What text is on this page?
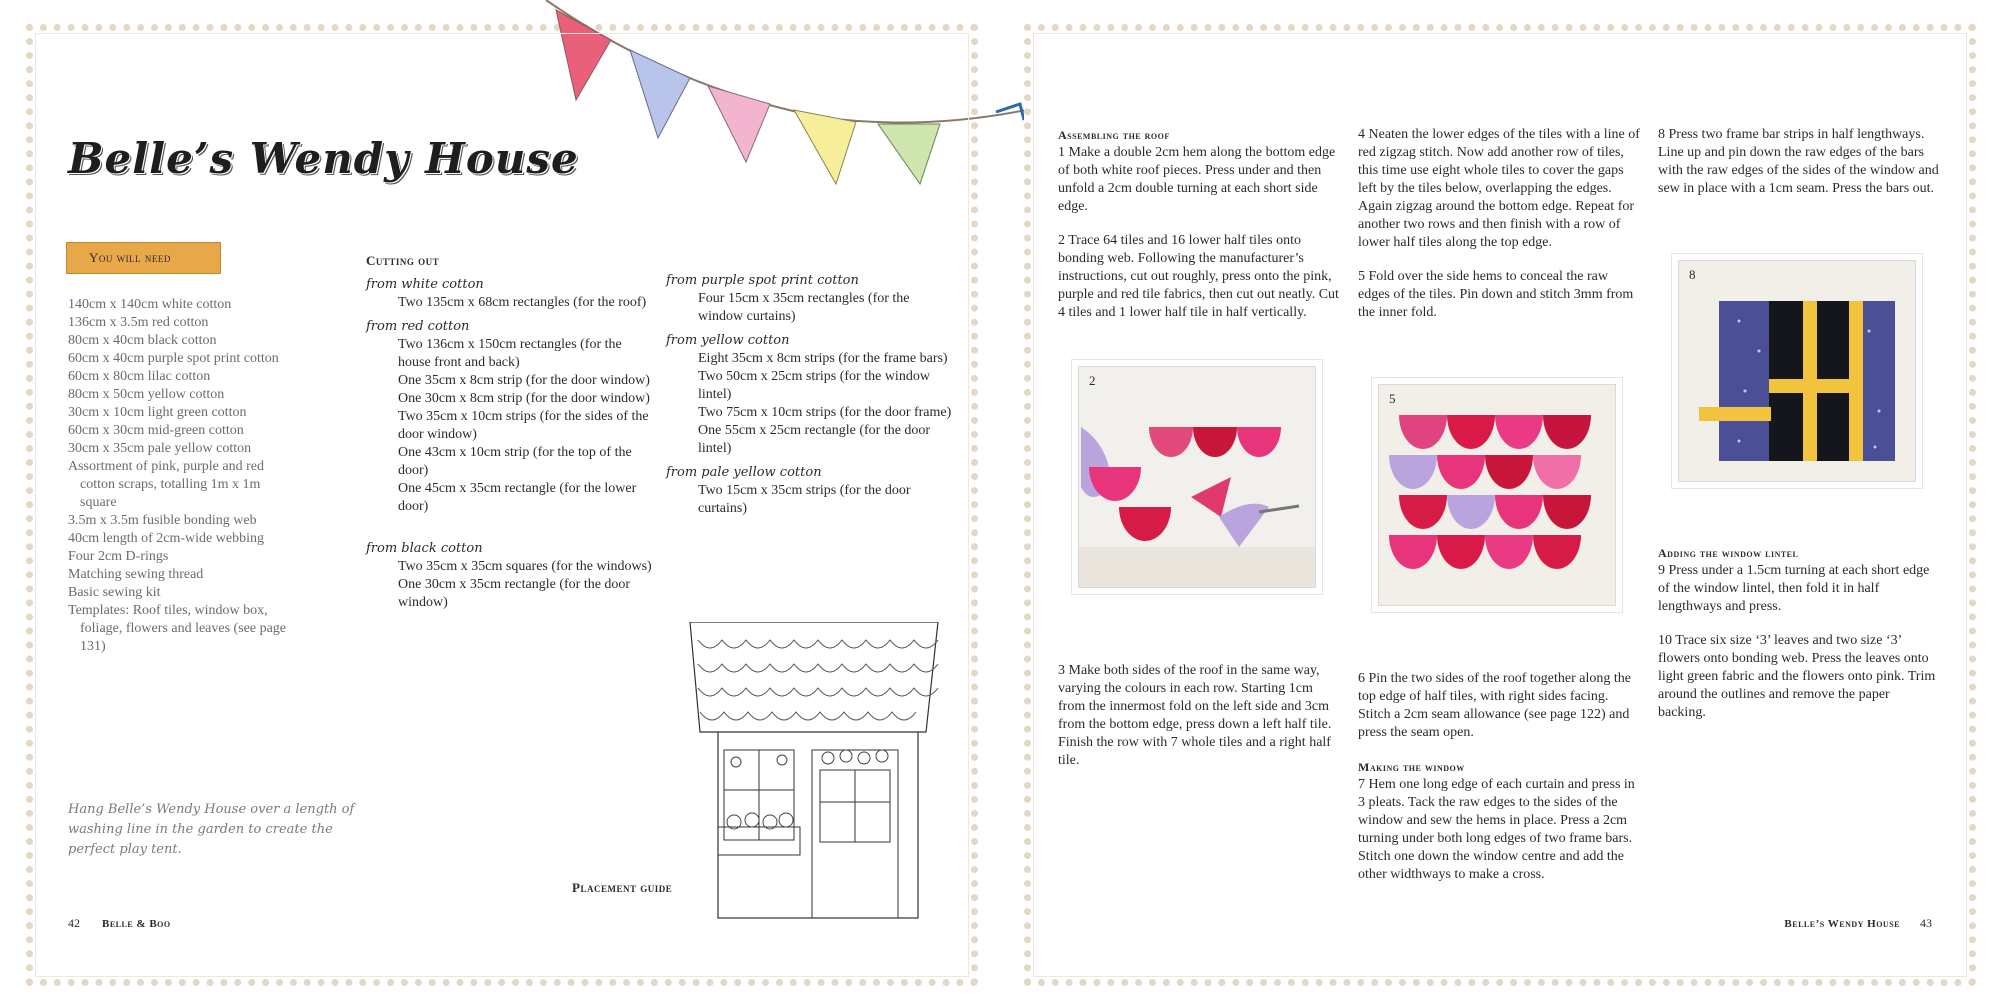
Belle’s Wendy House
You will need
140cm x 140cm white cotton
136cm x 3.5m red cotton
80cm x 40cm black cotton
60cm x 40cm purple spot print cotton
60cm x 80cm lilac cotton
80cm x 50cm yellow cotton
30cm x 10cm light green cotton
60cm x 30cm mid-green cotton
30cm x 35cm pale yellow cotton
Assortment of pink, purple and red cotton scraps, totalling 1m x 1m square
3.5m x 3.5m fusible bonding web
40cm length of 2cm-wide webbing
Four 2cm D-rings
Matching sewing thread
Basic sewing kit
Templates: Roof tiles, window box, foliage, flowers and leaves (see page 131)
Cutting out
from white cotton
Two 135cm x 68cm rectangles (for the roof)
from red cotton
Two 136cm x 150cm rectangles (for the house front and back)
One 35cm x 8cm strip (for the door window)
One 30cm x 8cm strip (for the door window)
Two 35cm x 10cm strips (for the sides of the door window)
One 43cm x 10cm strip (for the top of the door)
One 45cm x 35cm rectangle (for the lower door)
from black cotton
Two 35cm x 35cm squares (for the windows)
One 30cm x 35cm rectangle (for the door window)
from purple spot print cotton
Four 15cm x 35cm rectangles (for the window curtains)
from yellow cotton
Eight 35cm x 8cm strips (for the frame bars)
Two 50cm x 25cm strips (for the window lintel)
Two 75cm x 10cm strips (for the door frame)
One 55cm x 25cm rectangle (for the door lintel)
from pale yellow cotton
Two 15cm x 35cm strips (for the door curtains)
Placement guide
Hang Belle’s Wendy House over a length of washing line in the garden to create the perfect play tent.
42 Belle & Boo
Assembling the roof

1 Make a double 2cm hem along the bottom edge of both white roof pieces. Press under and then unfold a 2cm double turning at each short side edge.

2 Trace 64 tiles and 16 lower half tiles onto bonding web. Following the manufacturer’s instructions, cut out roughly, press onto the pink, purple and red tile fabrics, then cut out neatly. Cut 4 tiles and 1 lower half tile in half vertically.

2

3 Make both sides of the roof in the same way, varying the colours in each row. Starting 1cm from the innermost fold on the left side and 3cm from the bottom edge, press down a left half tile. Finish the row with 7 whole tiles and a right half tile.

4 Neaten the lower edges of the tiles with a line of red zigzag stitch. Now add another row of tiles, this time use eight whole tiles to cover the gaps left by the tiles below, overlapping the edges. Again zigzag around the bottom edge. Repeat for another two rows and then finish with a row of lower half tiles along the top edge.

5 Fold over the side hems to conceal the raw edges of the tiles. Pin down and stitch 3mm from the inner fold.

5

6 Pin the two sides of the roof together along the top edge of half tiles, with right sides facing. Stitch a 2cm seam allowance (see page 122) and press the seam open.

Making the window

7 Hem one long edge of each curtain and press in 3 pleats. Tack the raw edges to the sides of the window and sew the hems in place. Press a 2cm turning under both long edges of two frame bars. Stitch one down the window centre and add the other widthways to make a cross.

8 Press two frame bar strips in half lengthways. Line up and pin down the raw edges of the bars with the raw edges of the sides of the window and sew in place with a 1cm seam. Press the bars out.

8
Adding the window lintel

9 Press under a 1.5cm turning at each short edge of the window lintel, then fold it in half lengthways and press.

10 Trace six size ‘3’ leaves and two size ‘3’ flowers onto bonding web. Press the leaves onto light green fabric and the flowers onto pink. Trim around the outlines and remove the paper backing.

Belle’s Wendy House 43
